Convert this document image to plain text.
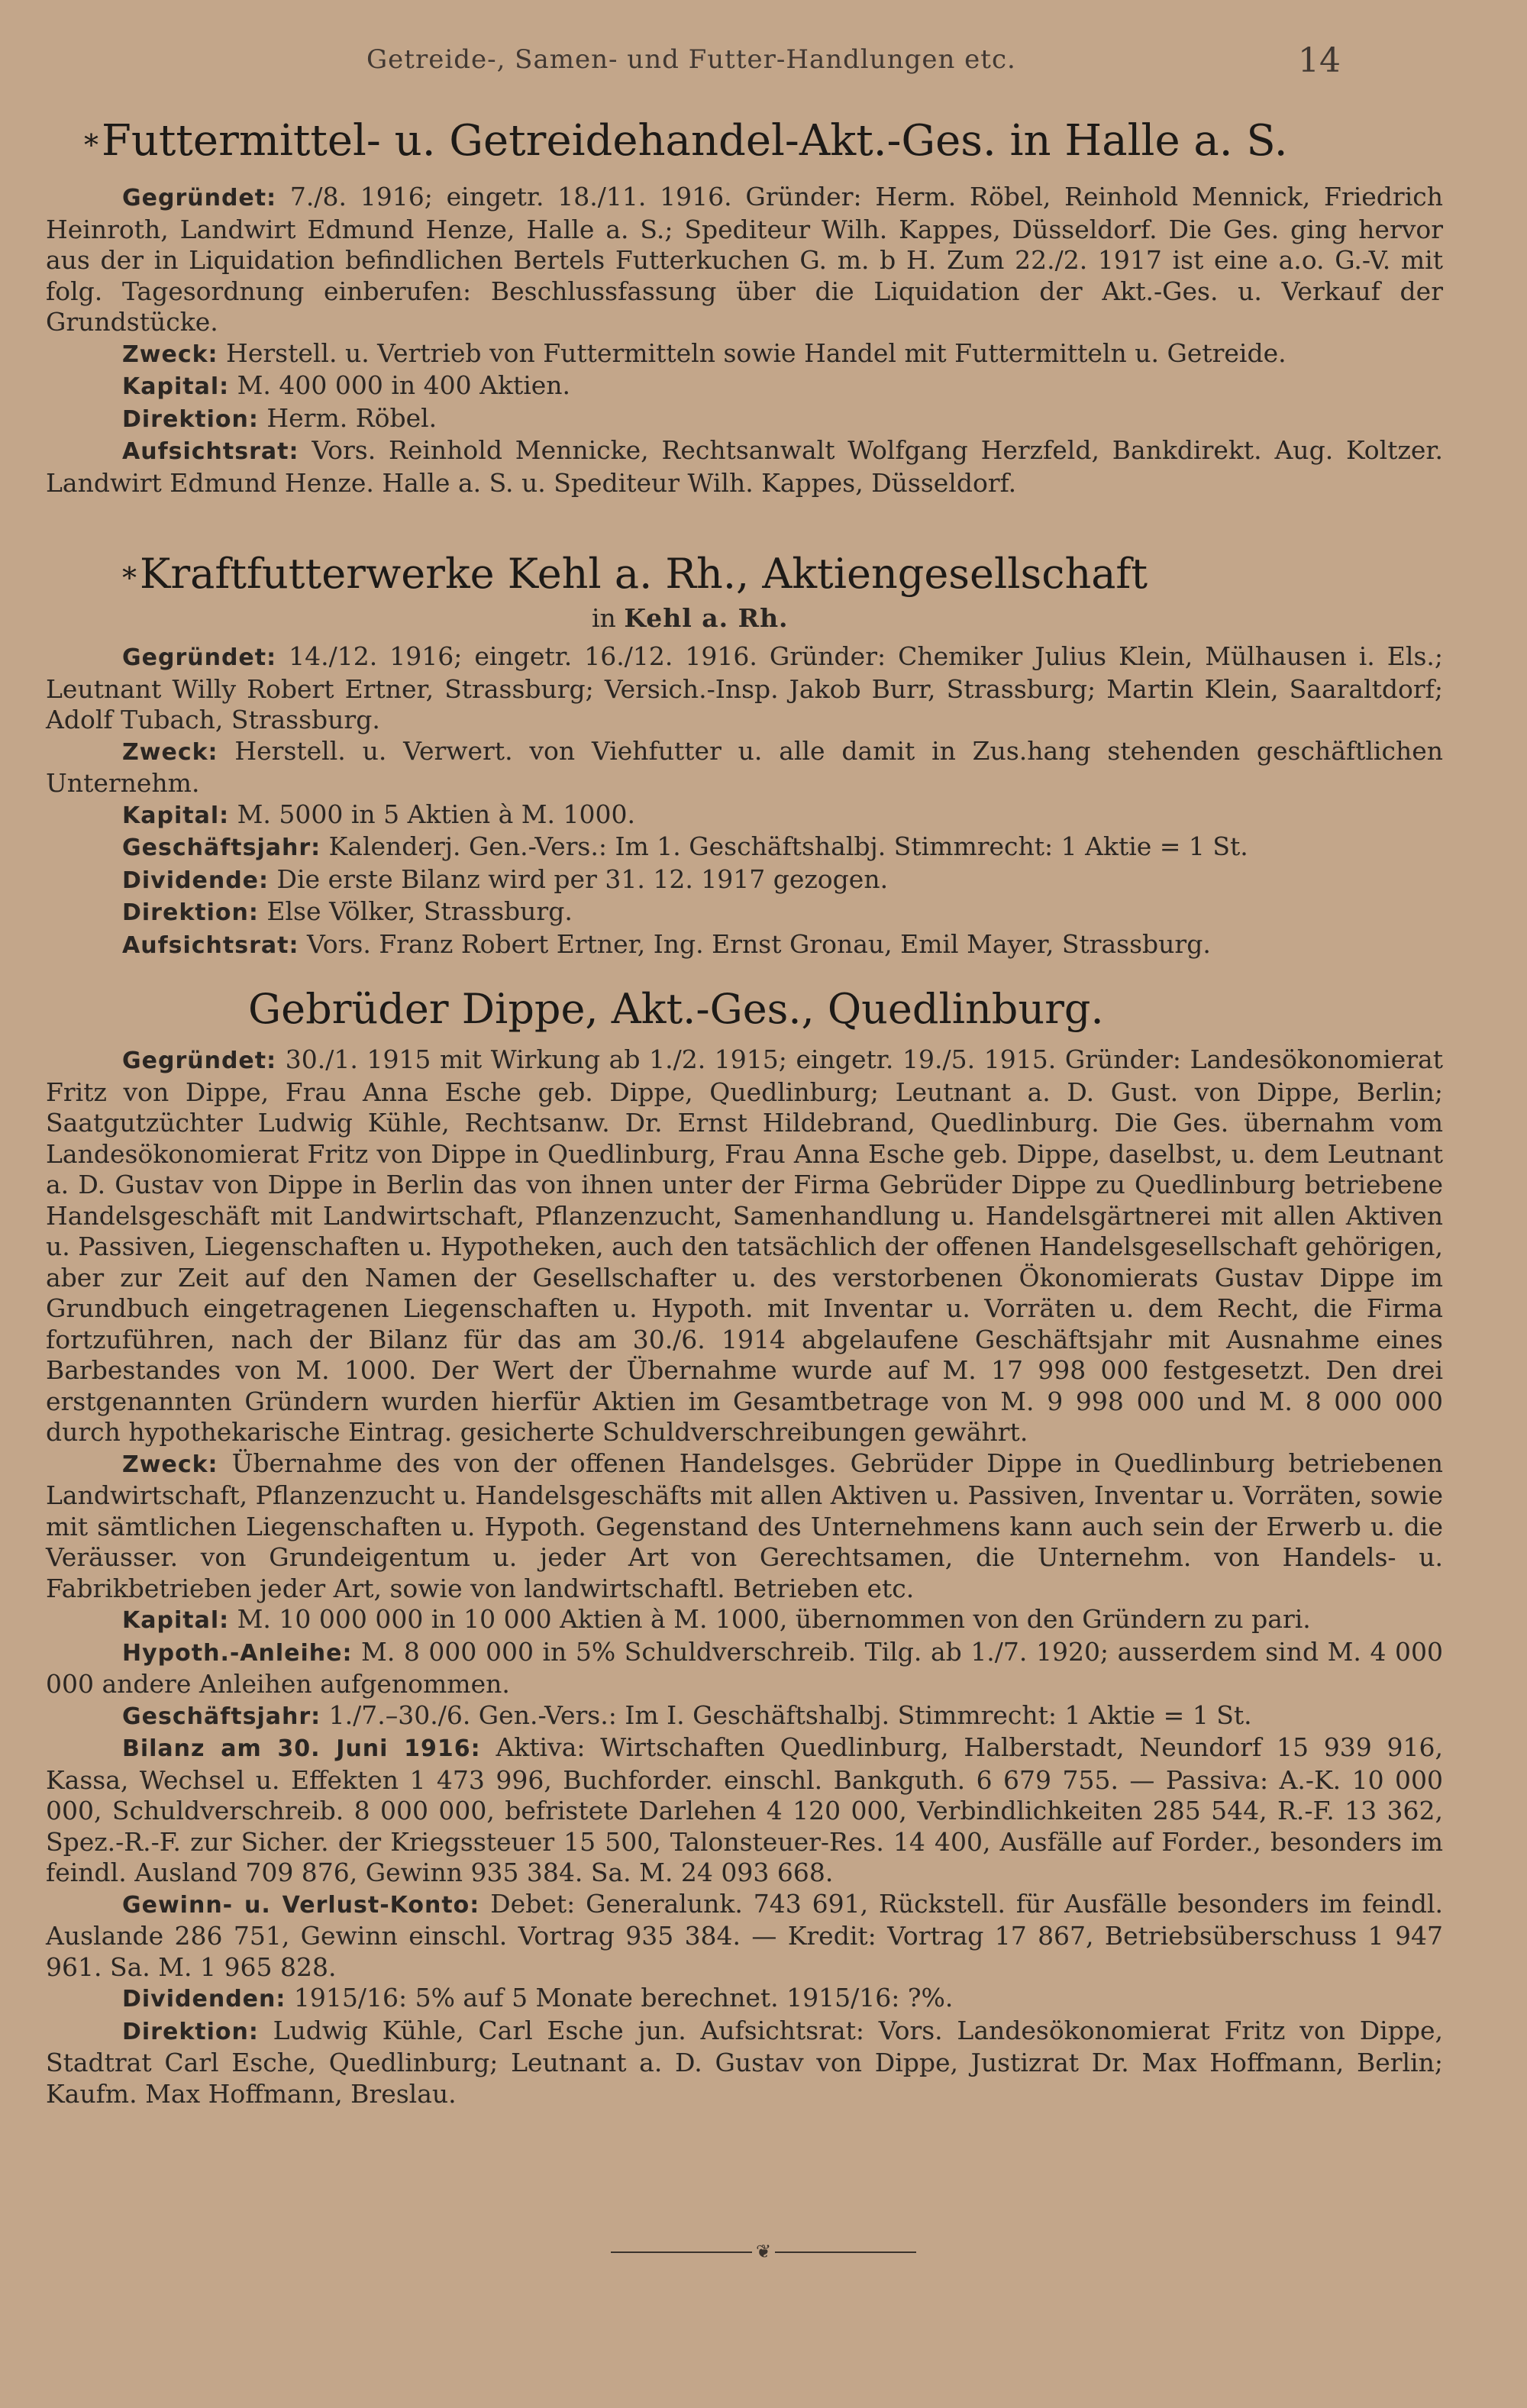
Getreide-, Samen- und Futter-Handlungen etc.	14
*Futtermittel- u. Getreidehandel-Akt.-Ges. in Halle a. S.
Gegründet: 7./8. 1916; eingetr. 18./11. 1916. Gründer: Herm. Röbel, Reinhold Mennick, Friedrich Heinroth, Landwirt Edmund Henze, Halle a. S.; Spediteur Wilh. Kappes, Düsseldorf. Die Ges. ging hervor aus der in Liquidation befindlichen Bertels Futterkuchen G. m. b H. Zum 22./2. 1917 ist eine a.o. G.-V. mit folg. Tagesordnung einberufen: Beschlussfassung über die Liquidation der Akt.-Ges. u. Verkauf der Grundstücke.
Zweck: Herstell. u. Vertrieb von Futtermitteln sowie Handel mit Futtermitteln u. Getreide.
Kapital: M. 400 000 in 400 Aktien.
Direktion: Herm. Röbel.
Aufsichtsrat: Vors. Reinhold Mennicke, Rechtsanwalt Wolfgang Herzfeld, Bankdirekt. Aug. Koltzer. Landwirt Edmund Henze. Halle a. S. u. Spediteur Wilh. Kappes, Düsseldorf.
*Kraftfutterwerke Kehl a. Rh., Aktiengesellschaft
in Kehl a. Rh.
Gegründet: 14./12. 1916; eingetr. 16./12. 1916. Gründer: Chemiker Julius Klein, Mülhausen i. Els.; Leutnant Willy Robert Ertner, Strassburg; Versich.-Insp. Jakob Burr, Strassburg; Martin Klein, Saaraltdorf; Adolf Tubach, Strassburg.
Zweck: Herstell. u. Verwert. von Viehfutter u. alle damit in Zus.hang stehenden geschäftlichen Unternehm.
Kapital: M. 5000 in 5 Aktien à M. 1000.
Geschäftsjahr: Kalenderj. Gen.-Vers.: Im 1. Geschäftshalbj. Stimmrecht: 1 Aktie = 1 St.
Dividende: Die erste Bilanz wird per 31. 12. 1917 gezogen.
Direktion: Else Völker, Strassburg.
Aufsichtsrat: Vors. Franz Robert Ertner, Ing. Ernst Gronau, Emil Mayer, Strassburg.
Gebrüder Dippe, Akt.-Ges., Quedlinburg.
Gegründet: 30./1. 1915 mit Wirkung ab 1./2. 1915; eingetr. 19./5. 1915. Gründer: Landesökonomierat Fritz von Dippe, Frau Anna Esche geb. Dippe, Quedlinburg; Leutnant a. D. Gust. von Dippe, Berlin; Saatgutzüchter Ludwig Kühle, Rechtsanw. Dr. Ernst Hildebrand, Quedlinburg. Die Ges. übernahm vom Landesökonomierat Fritz von Dippe in Quedlinburg, Frau Anna Esche geb. Dippe, daselbst, u. dem Leutnant a. D. Gustav von Dippe in Berlin das von ihnen unter der Firma Gebrüder Dippe zu Quedlinburg betriebene Handelsgeschäft mit Landwirtschaft, Pflanzenzucht, Samenhandlung u. Handelsgärtnerei mit allen Aktiven u. Passiven, Liegenschaften u. Hypotheken, auch den tatsächlich der offenen Handelsgesellschaft gehörigen, aber zur Zeit auf den Namen der Gesellschafter u. des verstorbenen Ökonomierats Gustav Dippe im Grundbuch eingetragenen Liegenschaften u. Hypoth. mit Inventar u. Vorräten u. dem Recht, die Firma fortzuführen, nach der Bilanz für das am 30./6. 1914 abgelaufene Geschäftsjahr mit Ausnahme eines Barbestandes von M. 1000. Der Wert der Übernahme wurde auf M. 17 998 000 festgesetzt. Den drei erstgenannten Gründern wurden hierfür Aktien im Gesamtbetrage von M. 9 998 000 und M. 8 000 000 durch hypothekarische Eintrag. gesicherte Schuldverschreibungen gewährt.
Zweck: Übernahme des von der offenen Handelsges. Gebrüder Dippe in Quedlinburg betriebenen Landwirtschaft, Pflanzenzucht u. Handelsgeschäfts mit allen Aktiven u. Passiven, Inventar u. Vorräten, sowie mit sämtlichen Liegenschaften u. Hypoth. Gegenstand des Unternehmens kann auch sein der Erwerb u. die Veräusser. von Grundeigentum u. jeder Art von Gerechtsamen, die Unternehm. von Handels- u. Fabrikbetrieben jeder Art, sowie von landwirtschaftl. Betrieben etc.
Kapital: M. 10 000 000 in 10 000 Aktien à M. 1000, übernommen von den Gründern zu pari.
Hypoth.-Anleihe: M. 8 000 000 in 5% Schuldverschreib. Tilg. ab 1./7. 1920; ausserdem sind M. 4 000 000 andere Anleihen aufgenommen.
Geschäftsjahr: 1./7.–30./6. Gen.-Vers.: Im I. Geschäftshalbj. Stimmrecht: 1 Aktie = 1 St.
Bilanz am 30. Juni 1916: Aktiva: Wirtschaften Quedlinburg, Halberstadt, Neundorf 15 939 916, Kassa, Wechsel u. Effekten 1 473 996, Buchforder. einschl. Bankguth. 6 679 755. — Passiva: A.-K. 10 000 000, Schuldverschreib. 8 000 000, befristete Darlehen 4 120 000, Verbindlichkeiten 285 544, R.-F. 13 362, Spez.-R.-F. zur Sicher. der Kriegssteuer 15 500, Talonsteuer-Res. 14 400, Ausfälle auf Forder., besonders im feindl. Ausland 709 876, Gewinn 935 384. Sa. M. 24 093 668.
Gewinn- u. Verlust-Konto: Debet: Generalunk. 743 691, Rückstell. für Ausfälle besonders im feindl. Auslande 286 751, Gewinn einschl. Vortrag 935 384. — Kredit: Vortrag 17 867, Betriebsüberschuss 1 947 961. Sa. M. 1 965 828.
Dividenden: 1915/16: 5% auf 5 Monate berechnet. 1915/16: ?%.
Direktion: Ludwig Kühle, Carl Esche jun. Aufsichtsrat: Vors. Landesökonomierat Fritz von Dippe, Stadtrat Carl Esche, Quedlinburg; Leutnant a. D. Gustav von Dippe, Justizrat Dr. Max Hoffmann, Berlin; Kaufm. Max Hoffmann, Breslau.
❦
